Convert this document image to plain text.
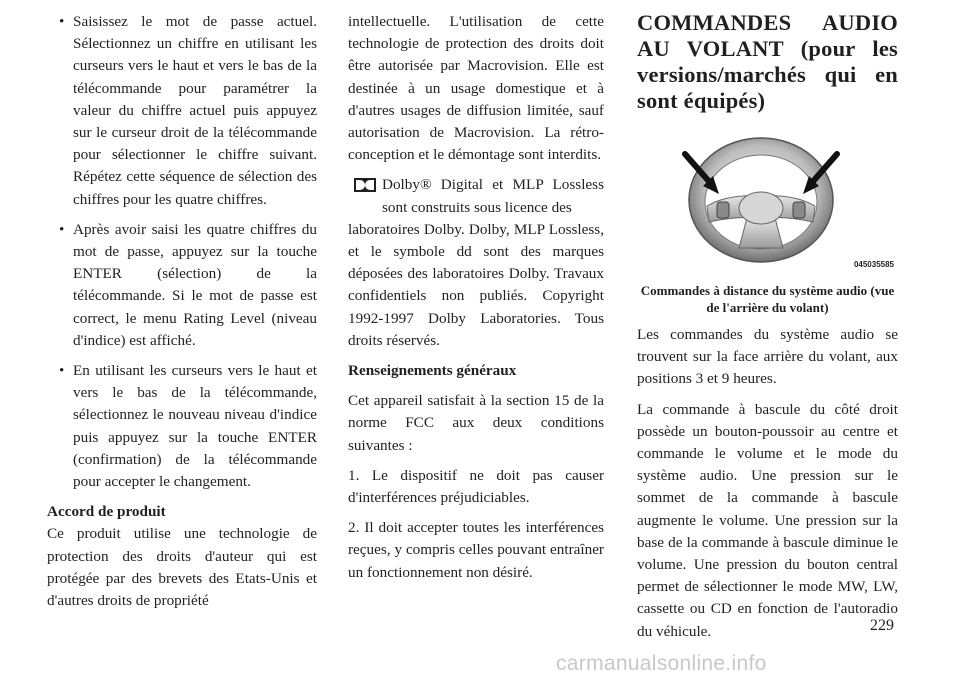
• Saisissez le mot de passe actuel. Sélectionnez un chiffre en utilisant les curseurs vers le haut et vers le bas de la télécommande pour paramétrer la valeur du chiffre actuel puis appuyez sur le curseur droit de la télécommande pour sélectionner le chiffre suivant. Répétez cette séquence de sélection des chiffres pour les quatre chiffres.
• Après avoir saisi les quatre chiffres du mot de passe, appuyez sur la touche ENTER (sélection) de la télécommande. Si le mot de passe est correct, le menu Rating Level (niveau d'indice) est affiché.
• En utilisant les curseurs vers le haut et vers le bas de la télécommande, sélectionnez le nouveau niveau d'indice puis appuyez sur la touche ENTER (confirmation) de la télécommande pour accepter le changement.

Accord de produit

Ce produit utilise une technologie de protection des droits d'auteur qui est protégée par des brevets des Etats-Unis et d'autres droits de propriété

intellectuelle. L'utilisation de cette technologie de protection des droits doit être autorisée par Macrovision. Elle est destinée à un usage domestique et à d'autres usages de diffusion limitée, sauf autorisation de Macrovision. La rétro-conception et le démontage sont interdits.

Dolby® Digital et MLP Lossless sont construits sous licence des

laboratoires Dolby. Dolby, MLP Lossless, et le symbole dd sont des marques déposées des laboratoires Dolby. Travaux confidentiels non publiés. Copyright 1992-1997 Dolby Laboratories. Tous droits réservés.

Renseignements généraux

Cet appareil satisfait à la section 15 de la norme FCC aux deux conditions suivantes :

1. Le dispositif ne doit pas causer d'interférences préjudiciables.

2. Il doit accepter toutes les interférences reçues, y compris celles pouvant entraîner un fonctionnement non désiré.

COMMANDES AUDIO AU VOLANT (pour les versions/marchés qui en sont équipés)
045035585

Commandes à distance du système audio (vue de l'arrière du volant)

Les commandes du système audio se trouvent sur la face arrière du volant, aux positions 3 et 9 heures.

La commande à bascule du côté droit possède un bouton-poussoir au centre et commande le volume et le mode du système audio. Une pression sur le sommet de la commande à bascule augmente le volume. Une pression sur la base de la commande à bascule diminue le volume. Une pression du bouton central permet de sélectionner le mode MW, LW, cassette ou CD en fonction de l'autoradio du véhicule.	229
carmanualsonline.info
